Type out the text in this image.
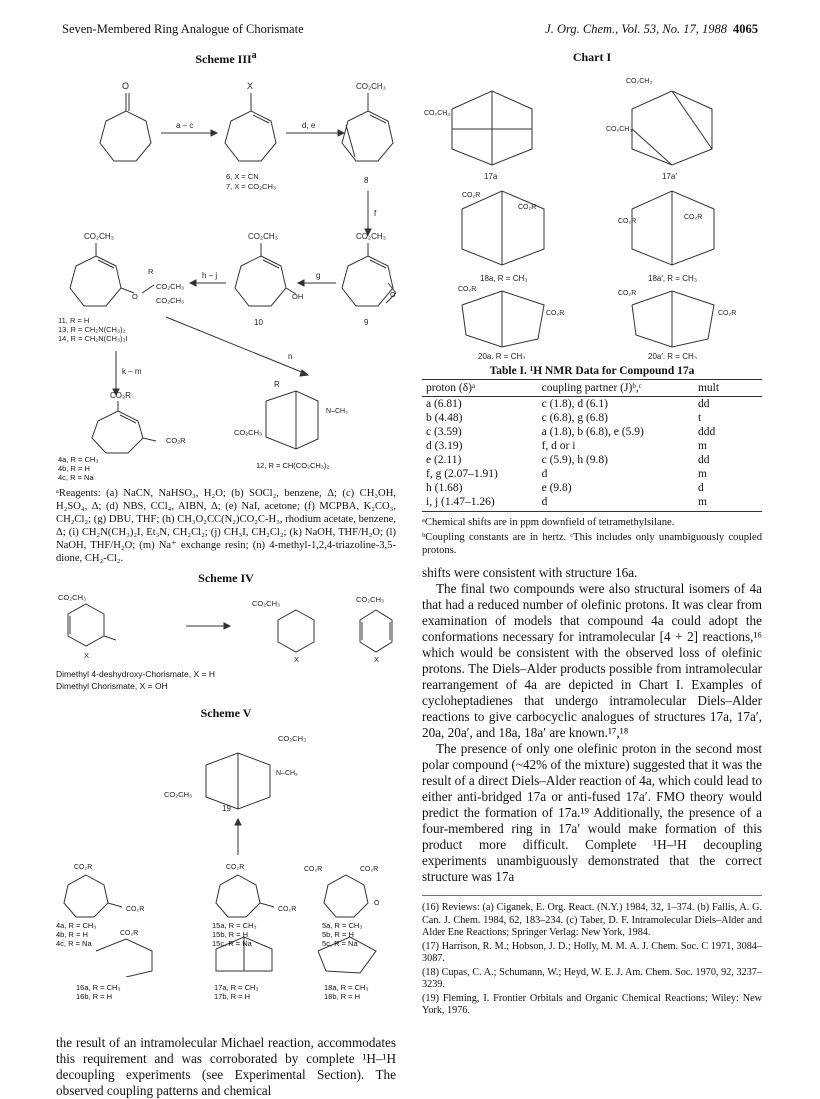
Seven-Membered Ring Analogue of Chorismate	J. Org. Chem., Vol. 53, No. 17, 1988 4065
Scheme III$^a$
O
a – c
X
6, X = CN
7, X = CO₂CH₃
d, e
CO₂CH₃
8
f
O
CO₂CH₃
9
g
OH
CO₂CH₃
10
h – j
O
R
CO₂CH₃
CO₂CH₃
CO₂CH₃
11, R = H
13, R = CH₂N(CH₃)₂
14, R = CH₂N(CH₃)₃I
k – m
n
CO₂R
CO₂R
N–CH₃
R
CO₂CH₃
4a, R = CH₃
4b, R = H
4c, R = Na
12, R = CH(CO₂CH₃)₂

ᵃReagents: (a) NaCN, NaHSO₃, H₂O; (b) SOCl₂, benzene, Δ; (c) CH₃OH, H₂SO₄, Δ; (d) NBS, CCl₄, AIBN, Δ; (e) NaI, acetone; (f) MCPBA, K₂CO₃, CH₂Cl₂; (g) DBU, THF; (h) CH₃O₂CC(N₂)CO₂C-H₃, rhodium acetate, benzene, Δ; (i) CH₂N(CH₃)₂I, Et₃N, CH₂Cl₂; (j) CH₃I, CH₂Cl₂; (k) NaOH, THF/H₂O; (l) NaOH, THF/H₂O; (m) Na⁺ exchange resin; (n) 4-methyl-1,2,4-triazoline-3,5-dione, CH₂-Cl₂.

Scheme IV
CO₂CH₃
X
CO₂CH₃
X
CO₂CH₃
X
Dimethyl 4-deshydroxy-Chorismate, X = H
Dimethyl Chorismate, X = OH
Scheme V
CO₂CH₃
N–CH₃
CO₂CH₃
19
CO₂R
CO₂R
CO₂R
CO₂R	CO₂R	CO₂R
O
CO₂R
4a, R = CH₃
4b, R = H
4c, R = Na
15a, R = CH₃
15b, R = H
15c, R = Na
5a, R = CH₃
5b, R = H
5c, R = Na
16a, R = CH₃
16b, R = H
17a, R = CH₃
17b, R = H
18a, R = CH₃
18b, R = H

the result of an intramolecular Michael reaction, accommodates this requirement and was corroborated by complete ¹H–¹H decoupling experiments (see Experimental Section). The observed coupling patterns and chemical

Chart I
CO₂CH₃
17a
CO₂CH₃
CO₂CH₃
17a′
CO₂R
CO₂R
18a, R = CH₃
CO₂R
CO₂R
18a′, R = CH₃
CO₂R
CO₂R
20a, R = CH₃
CO₂R
CO₂R
20a′, R = CH₃
Table I. ¹H NMR Data for Compound 17a
proton (δ)ᵃ	coupling partner (J)ᵇ,ᶜ	mult
a (6.81)	c (1.8), d (6.1)	dd
b (4.48)	c (6.8), g (6.8)	t
c (3.59)	a (1.8), b (6.8), e (5.9)	ddd
d (3.19)	f, d or i	m
e (2.11)	c (5.9), h (9.8)	dd
f, g (2.07–1.91)	d	m
h (1.68)	e (9.8)	d
i, j (1.47–1.26)	d	m

ᵃChemical shifts are in ppm downfield of tetramethylsilane.

ᵇCoupling constants are in hertz. ᶜThis includes only unambiguously coupled protons.

shifts were consistent with structure 16a.

The final two compounds were also structural isomers of 4a that had a reduced number of olefinic protons. It was clear from examination of models that compound 4a could adopt the conformations necessary for intramolecular [4 + 2] reactions,¹⁶ which would be consistent with the observed loss of olefinic protons. The Diels–Alder products possible from intramolecular rearrangement of 4a are depicted in Chart I. Examples of cycloheptadienes that undergo intramolecular Diels–Alder reactions to give carbocyclic analogues of structures 17a, 17a′, 20a, 20a′, and 18a, 18a′ are known.¹⁷,¹⁸

The presence of only one olefinic proton in the second most polar compound (~42% of the mixture) suggested that it was the result of a direct Diels–Alder reaction of 4a, which could lead to either anti-bridged 17a or anti-fused 17a′. FMO theory would predict the formation of 17a.¹⁹ Additionally, the presence of a four-membered ring in 17a′ would make formation of this product more difficult. Complete ¹H–¹H decoupling experiments unambiguously demonstrated that the correct structure was 17a

(16) Reviews: (a) Ciganek, E. Org. React. (N.Y.) 1984, 32, 1–374. (b) Fallis, A. G. Can. J. Chem. 1984, 62, 183–234. (c) Taber, D. F. Intramolecular Diels–Alder and Alder Ene Reactions; Springer Verlag: New York, 1984.

(17) Harrison, R. M.; Hobson, J. D.; Holly, M. M. A. J. Chem. Soc. C 1971, 3084–3087.

(18) Cupas, C. A.; Schumann, W.; Heyd, W. E. J. Am. Chem. Soc. 1970, 92, 3237–3239.

(19) Fleming, I. Frontier Orbitals and Organic Chemical Reactions; Wiley: New York, 1976.
